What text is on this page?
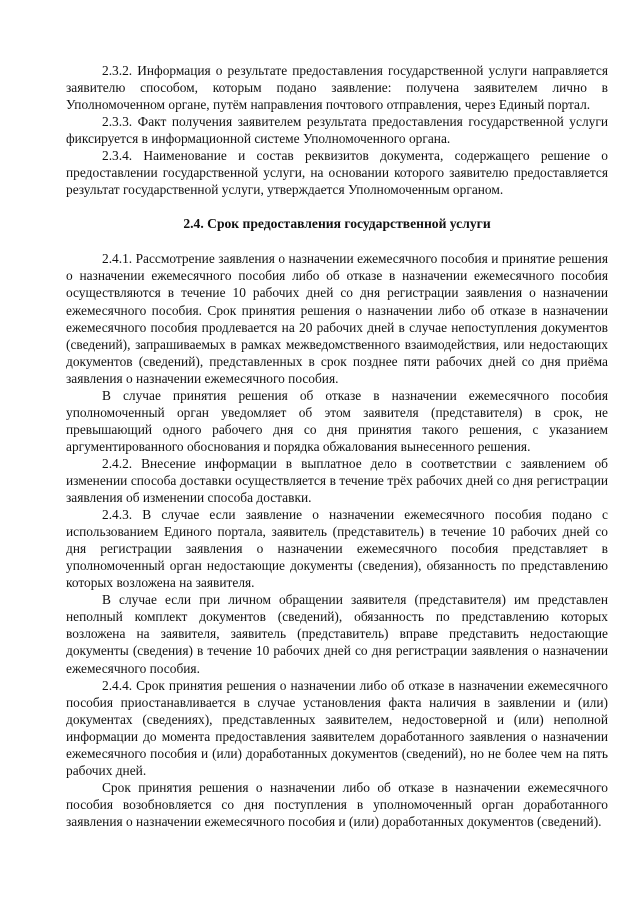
2.3.2. Информация о результате предоставления государственной услуги направляется заявителю способом, которым подано заявление: получена заявителем лично в Уполномоченном органе, путём направления почтового отправления, через Единый портал.

2.3.3. Факт получения заявителем результата предоставления государственной услуги фиксируется в информационной системе Уполномоченного органа.

2.3.4. Наименование и состав реквизитов документа, содержащего решение о предоставлении государственной услуги, на основании которого заявителю предоставляется результат государственной услуги, утверждается Уполномоченным органом.

2.4. Срок предоставления государственной услуги

2.4.1. Рассмотрение заявления о назначении ежемесячного пособия и принятие решения о назначении ежемесячного пособия либо об отказе в назначении ежемесячного пособия осуществляются в течение 10 рабочих дней со дня регистрации заявления о назначении ежемесячного пособия. Срок принятия решения о назначении либо об отказе в назначении ежемесячного пособия продлевается на 20 рабочих дней в случае непоступления документов (сведений), запрашиваемых в рамках межведомственного взаимодействия, или недостающих документов (сведений), представленных в срок позднее пяти рабочих дней со дня приёма заявления о назначении ежемесячного пособия.

В случае принятия решения об отказе в назначении ежемесячного пособия уполномоченный орган уведомляет об этом заявителя (представителя) в срок, не превышающий одного рабочего дня со дня принятия такого решения, с указанием аргументированного обоснования и порядка обжалования вынесенного решения.

2.4.2. Внесение информации в выплатное дело в соответствии с заявлением об изменении способа доставки осуществляется в течение трёх рабочих дней со дня регистрации заявления об изменении способа доставки.

2.4.3. В случае если заявление о назначении ежемесячного пособия подано с использованием Единого портала, заявитель (представитель) в течение 10 рабочих дней со дня регистрации заявления о назначении ежемесячного пособия представляет в уполномоченный орган недостающие документы (сведения), обязанность по представлению которых возложена на заявителя.

В случае если при личном обращении заявителя (представителя) им представлен неполный комплект документов (сведений), обязанность по представлению которых возложена на заявителя, заявитель (представитель) вправе представить недостающие документы (сведения) в течение 10 рабочих дней со дня регистрации заявления о назначении ежемесячного пособия.

2.4.4. Срок принятия решения о назначении либо об отказе в назначении ежемесячного пособия приостанавливается в случае установления факта наличия в заявлении и (или) документах (сведениях), представленных заявителем, недостоверной и (или) неполной информации до момента предоставления заявителем доработанного заявления о назначении ежемесячного пособия и (или) доработанных документов (сведений), но не более чем на пять рабочих дней.

Срок принятия решения о назначении либо об отказе в назначении ежемесячного пособия возобновляется со дня поступления в уполномоченный орган доработанного заявления о назначении ежемесячного пособия и (или) доработанных документов (сведений).
